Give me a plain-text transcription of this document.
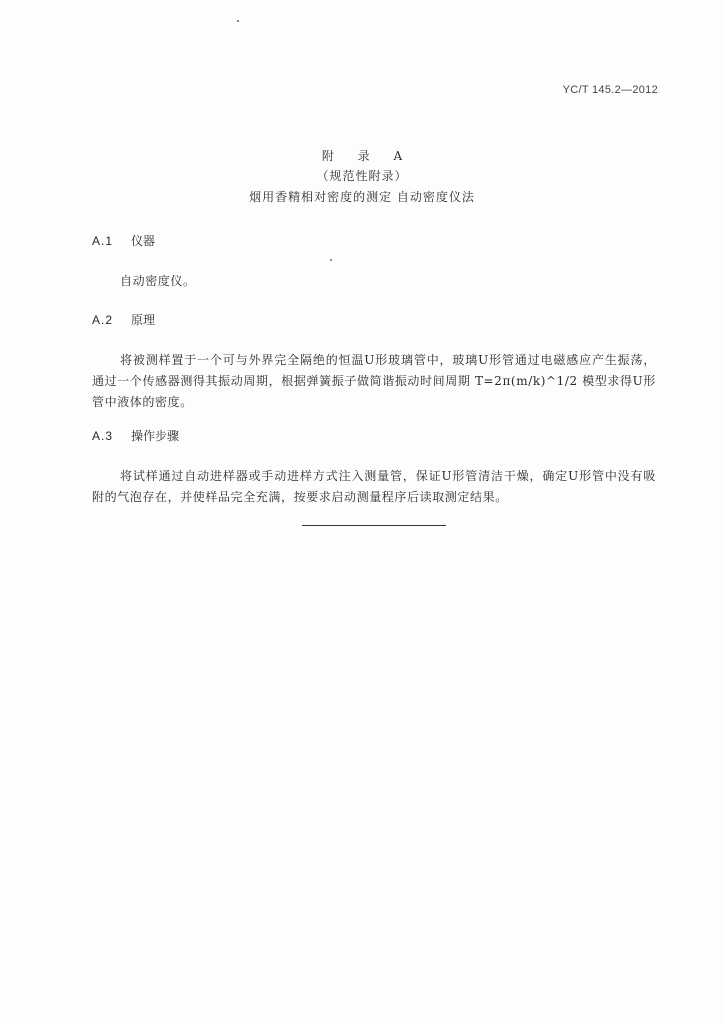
YC/T 145.2—2012
附 录 A
（规范性附录）
烟用香精相对密度的测定 自动密度仪法
A.1 仪器
自动密度仪。
A.2 原理
将被测样置于一个可与外界完全隔绝的恒温U形玻璃管中，玻璃U形管通过电磁感应产生振荡，通过一个传感器测得其振动周期，根据弹簧振子做简谐振动时间周期 T=2π(m/k)^1/2 模型求得U形管中液体的密度。
A.3 操作步骤
将试样通过自动进样器或手动进样方式注入测量管，保证U形管清洁干燥，确定U形管中没有吸附的气泡存在，并使样品完全充满，按要求启动测量程序后读取测定结果。
